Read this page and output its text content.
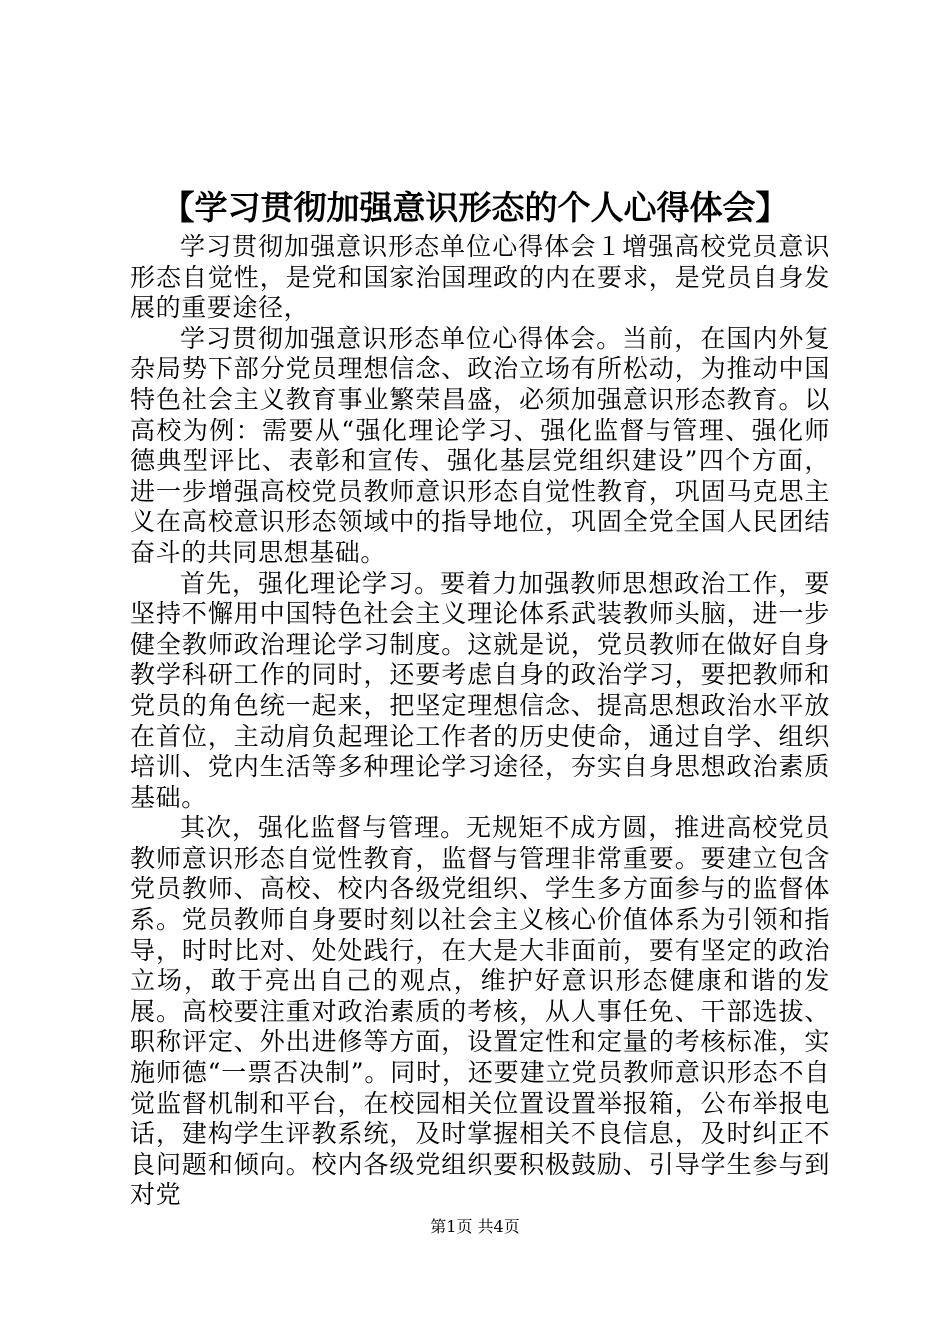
【学习贯彻加强意识形态的个人心得体会】

学习贯彻加强意识形态单位心得体会１增强高校党员意识形态自觉性，是党和国家治国理政的内在要求，是党员自身发展的重要途径，

学习贯彻加强意识形态单位心得体会。当前，在国内外复杂局势下部分党员理想信念、政治立场有所松动，为推动中国特色社会主义教育事业繁荣昌盛，必须加强意识形态教育。以高校为例：需要从“强化理论学习、强化监督与管理、强化师德典型评比、表彰和宣传、强化基层党组织建设”四个方面，进一步增强高校党员教师意识形态自觉性教育，巩固马克思主义在高校意识形态领域中的指导地位，巩固全党全国人民团结奋斗的共同思想基础。

首先，强化理论学习。要着力加强教师思想政治工作，要坚持不懈用中国特色社会主义理论体系武装教师头脑，进一步健全教师政治理论学习制度。这就是说，党员教师在做好自身教学科研工作的同时，还要考虑自身的政治学习，要把教师和党员的角色统一起来，把坚定理想信念、提高思想政治水平放在首位，主动肩负起理论工作者的历史使命，通过自学、组织培训、党内生活等多种理论学习途径，夯实自身思想政治素质基础。

其次，强化监督与管理。无规矩不成方圆，推进高校党员教师意识形态自觉性教育，监督与管理非常重要。要建立包含党员教师、高校、校内各级党组织、学生多方面参与的监督体系。党员教师自身要时刻以社会主义核心价值体系为引领和指导，时时比对、处处践行，在大是大非面前，要有坚定的政治立场，敢于亮出自己的观点，维护好意识形态健康和谐的发展。高校要注重对政治素质的考核，从人事任免、干部选拔、职称评定、外出进修等方面，设置定性和定量的考核标准，实施师德“一票否决制”。同时，还要建立党员教师意识形态不自觉监督机制和平台，在校园相关位置设置举报箱，公布举报电话，建构学生评教系统，及时掌握相关不良信息，及时纠正不良问题和倾向。校内各级党组织要积极鼓励、引导学生参与到对党

第1页 共4页
